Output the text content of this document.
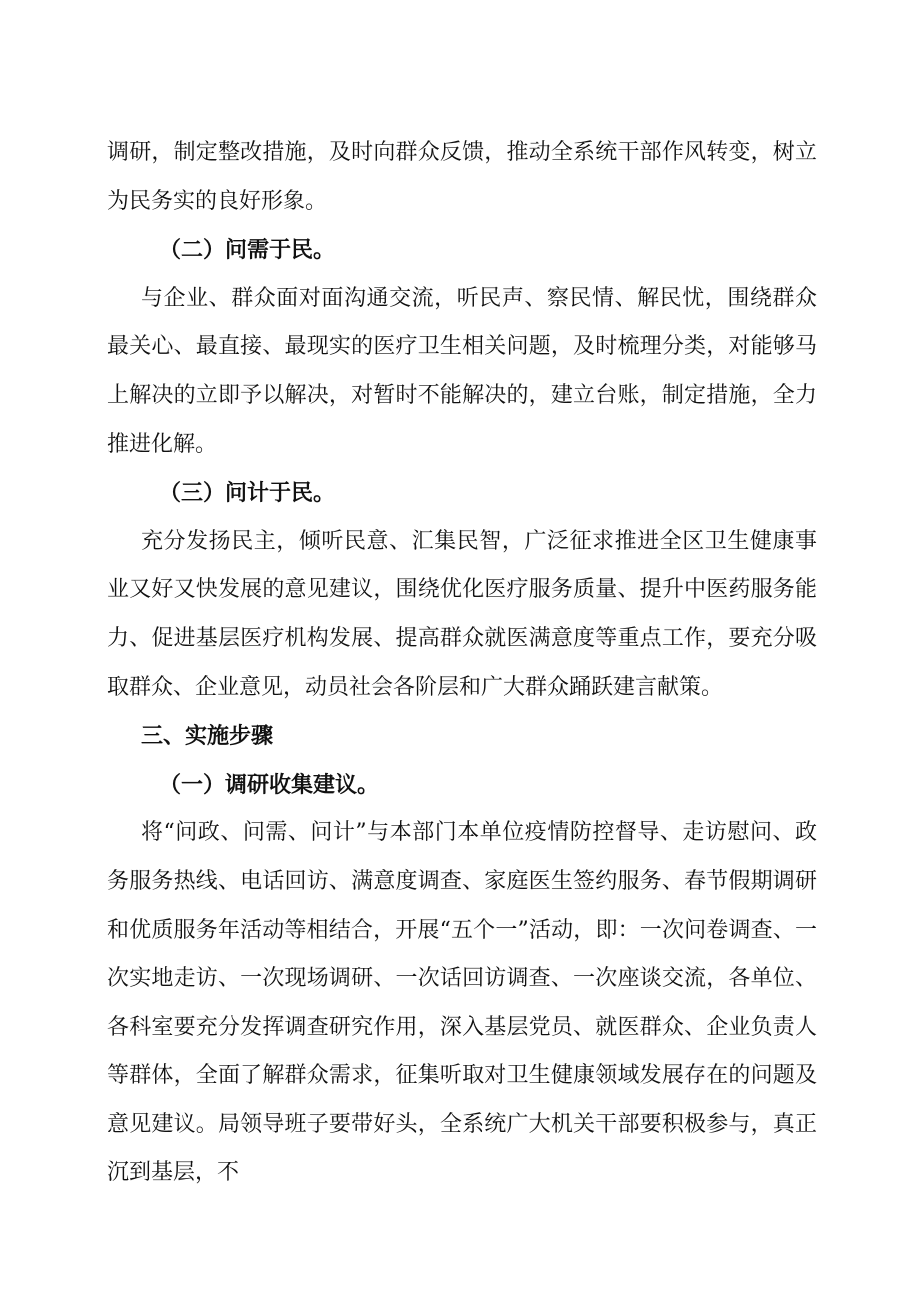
调研，制定整改措施，及时向群众反馈，推动全系统干部作风转变，树立为民务实的良好形象。

（二）问需于民。

与企业、群众面对面沟通交流，听民声、察民情、解民忧，围绕群众最关心、最直接、最现实的医疗卫生相关问题，及时梳理分类，对能够马上解决的立即予以解决，对暂时不能解决的，建立台账，制定措施，全力推进化解。

（三）问计于民。

充分发扬民主，倾听民意、汇集民智，广泛征求推进全区卫生健康事业又好又快发展的意见建议，围绕优化医疗服务质量、提升中医药服务能力、促进基层医疗机构发展、提高群众就医满意度等重点工作，要充分吸取群众、企业意见，动员社会各阶层和广大群众踊跃建言献策。

三、实施步骤

（一）调研收集建议。

将“问政、问需、问计”与本部门本单位疫情防控督导、走访慰问、政务服务热线、电话回访、满意度调查、家庭医生签约服务、春节假期调研和优质服务年活动等相结合，开展“五个一”活动，即：一次问卷调查、一次实地走访、一次现场调研、一次话回访调查、一次座谈交流，各单位、各科室要充分发挥调查研究作用，深入基层党员、就医群众、企业负责人等群体，全面了解群众需求，征集听取对卫生健康领域发展存在的问题及意见建议。局领导班子要带好头，全系统广大机关干部要积极参与，真正沉到基层，不
